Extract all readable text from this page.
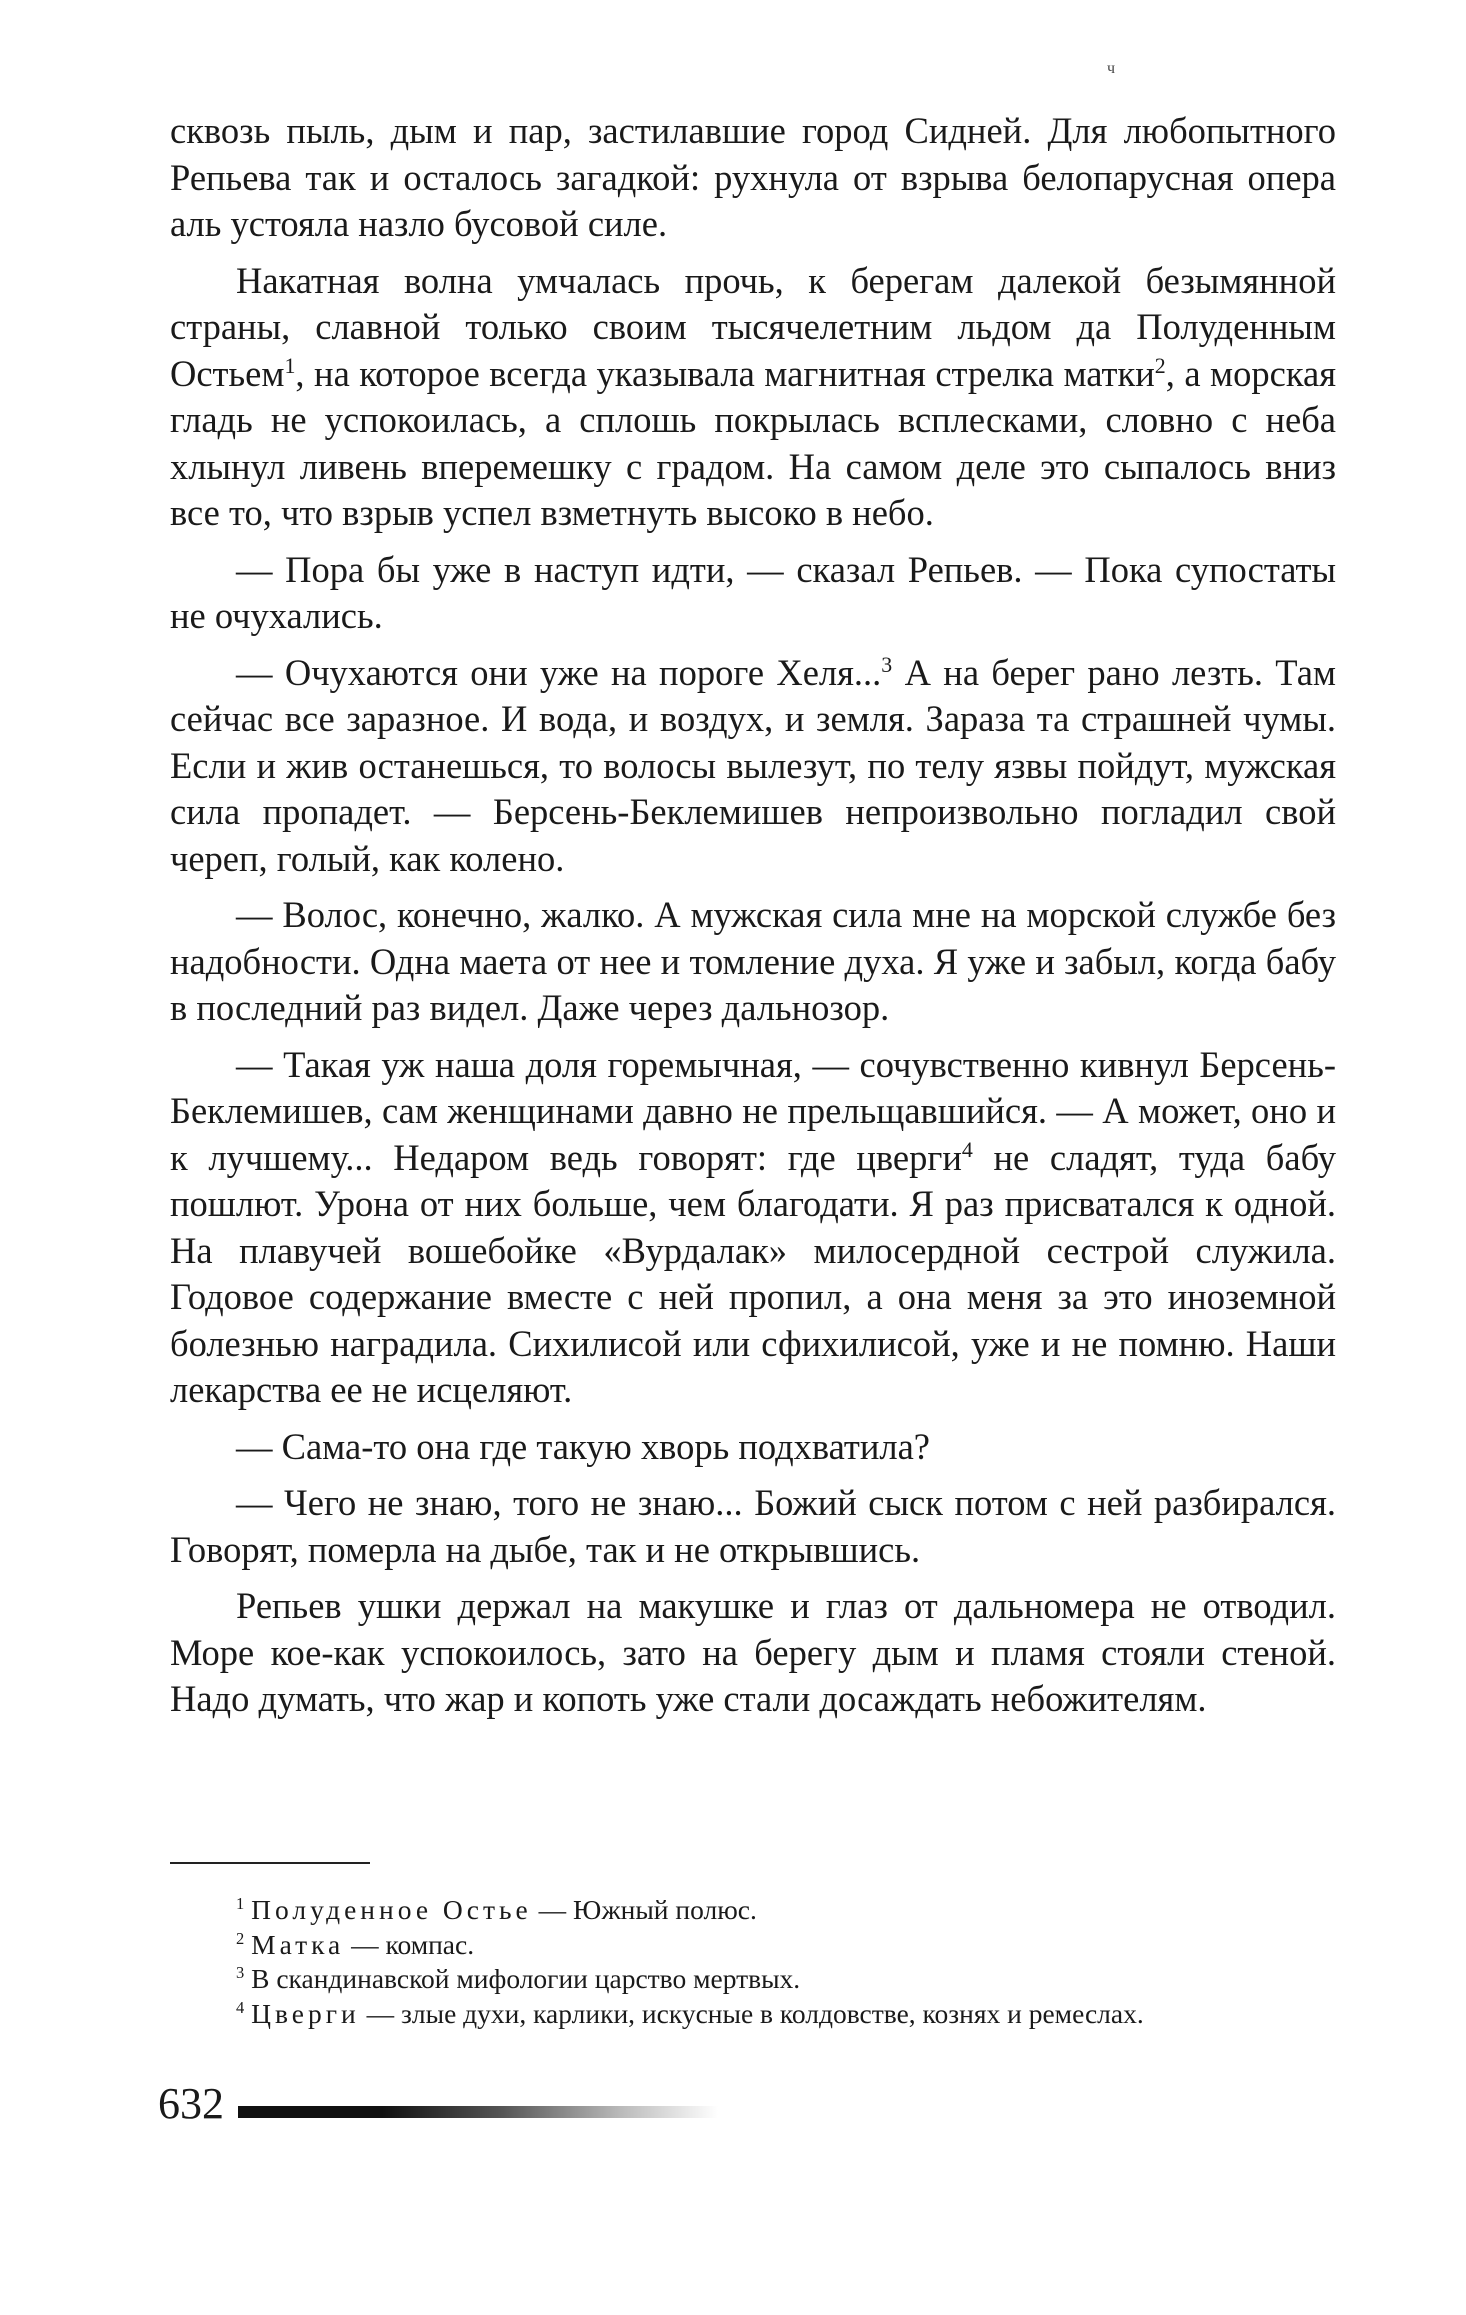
ч

сквозь пыль, дым и пар, застилавшие город Сидней. Для любопытного Репьева так и осталось загадкой: рухнула от взрыва белопарусная опера аль устояла назло бусовой силе.

Накатная волна умчалась прочь, к берегам далекой безымянной страны, славной только своим тысячелетним льдом да Полуденным Остьем$^1$, на которое всегда указывала магнитная стрелка матки$^2$, а морская гладь не успокоилась, а сплошь покрылась всплесками, словно с неба хлынул ливень вперемешку с градом. На самом деле это сыпалось вниз все то, что взрыв успел взметнуть высоко в небо.

— Пора бы уже в наступ идти, — сказал Репьев. — Пока супостаты не очухались.

— Очухаются они уже на пороге Хеля...$^3$ А на берег рано лезть. Там сейчас все заразное. И вода, и воздух, и земля. Зараза та страшней чумы. Если и жив останешься, то волосы вылезут, по телу язвы пойдут, мужская сила пропадет. — Берсень-Беклемишев непроизвольно погладил свой череп, голый, как колено.

— Волос, конечно, жалко. А мужская сила мне на морской службе без надобности. Одна маета от нее и томление духа. Я уже и забыл, когда бабу в последний раз видел. Даже через дальнозор.

— Такая уж наша доля горемычная, — сочувственно кивнул Берсень-Беклемишев, сам женщинами давно не прельщавшийся. — А может, оно и к лучшему... Недаром ведь говорят: где цверги$^4$ не сладят, туда бабу пошлют. Урона от них больше, чем благодати. Я раз присватался к одной. На плавучей вошебойке «Вурдалак» милосердной сестрой служила. Годовое содержание вместе с ней пропил, а она меня за это иноземной болезнью наградила. Сихилисой или сфихилисой, уже и не помню. Наши лекарства ее не исцеляют.

— Сама-то она где такую хворь подхватила?

— Чего не знаю, того не знаю... Божий сыск потом с ней разбирался. Говорят, померла на дыбе, так и не открывшись.

Репьев ушки держал на макушке и глаз от дальномера не отводил. Море кое-как успокоилось, зато на берегу дым и пламя стояли стеной. Надо думать, что жар и копоть уже стали досаждать небожителям.

$^1$ Полуденное Остье — Южный полюс.

$^2$ Матка — компас.

$^3$ В скандинавской мифологии царство мертвых.

$^4$ Цверги — злые духи, карлики, искусные в колдовстве, кознях и ремеслах.

632
